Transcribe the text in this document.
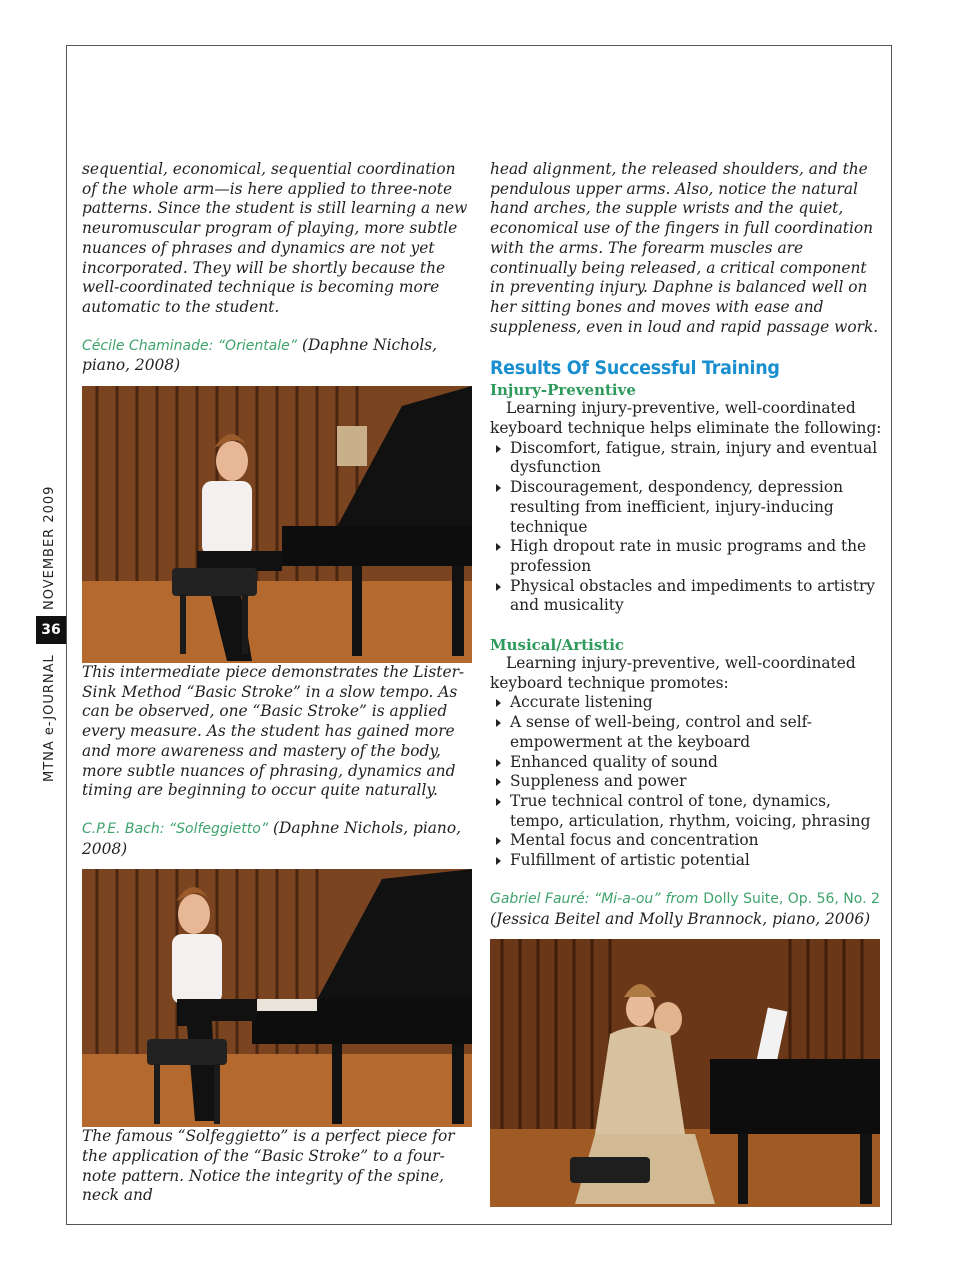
NOVEMBER 2009
MTNA e-JOURNAL
36

sequential, economical, sequential coordination of the whole arm—is here applied to three-note patterns. Since the student is still learning a new neuromuscular program of playing, more subtle nuances of phrases and dynamics are not yet incorporated. They will be shortly because the well-coordinated technique is becoming more automatic to the student.

Cécile Chaminade: “Orientale” (Daphne Nichols, piano, 2008)

This intermediate piece demonstrates the Lister-Sink Method “Basic Stroke” in a slow tempo. As can be observed, one “Basic Stroke” is applied every measure. As the student has gained more and more awareness and mastery of the body, more subtle nuances of phrasing, dynamics and timing are beginning to occur quite naturally.

C.P.E. Bach: “Solfeggietto” (Daphne Nichols, piano, 2008)

The famous “Solfeggietto” is a perfect piece for the application of the “Basic Stroke” to a four-note pattern. Notice the integrity of the spine, neck and

head alignment, the released shoulders, and the pendulous upper arms. Also, notice the natural hand arches, the supple wrists and the quiet, economical use of the fingers in full coordination with the arms. The forearm muscles are continually being released, a critical component in preventing injury. Daphne is balanced well on her sitting bones and moves with ease and suppleness, even in loud and rapid passage work.

Results Of Successful Training
Injury-Preventive

Learning injury-preventive, well-coordinated keyboard technique helps eliminate the following:

Discomfort, fatigue, strain, injury and eventual dysfunction
Discouragement, despondency, depression resulting from inefficient, injury-inducing technique
High dropout rate in music programs and the profession
Physical obstacles and impediments to artistry and musicality
Musical/Artistic

Learning injury-preventive, well-coordinated keyboard technique promotes:

Accurate listening
A sense of well-being, control and self-empowerment at the keyboard
Enhanced quality of sound
Suppleness and power
True technical control of tone, dynamics, tempo, articulation, rhythm, voicing, phrasing
Mental focus and concentration
Fulfillment of artistic potential

Gabriel Fauré: “Mi-a-ou” from Dolly Suite, Op. 56, No. 2
(Jessica Beitel and Molly Brannock, piano, 2006)
